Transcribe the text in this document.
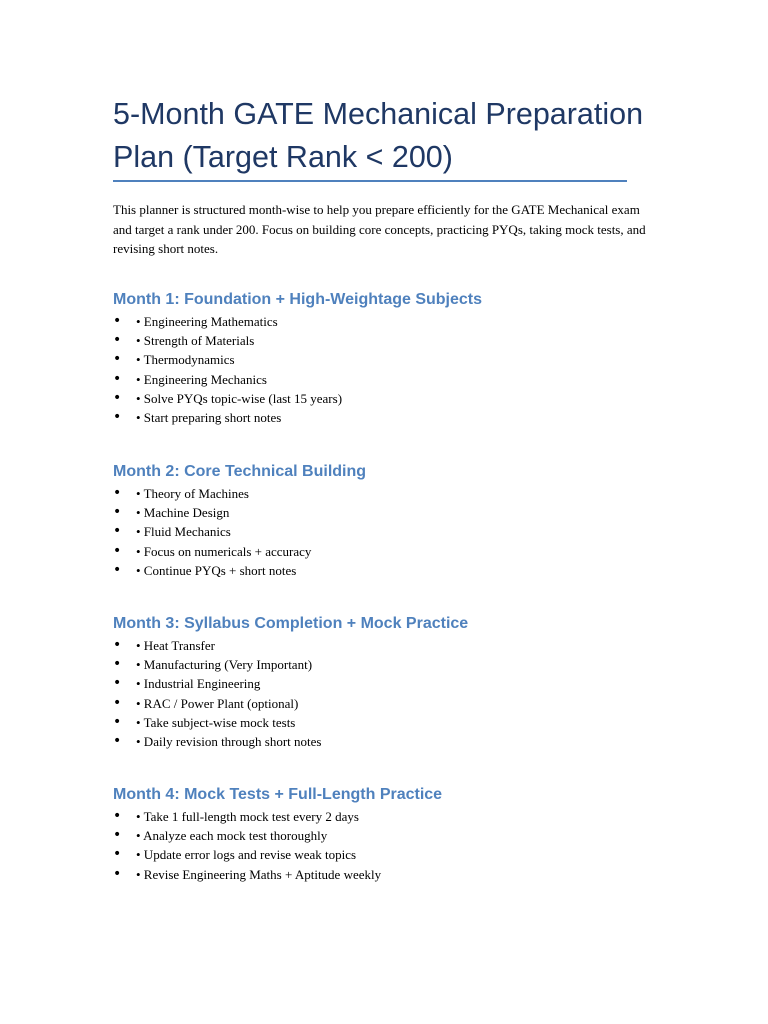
5-Month GATE Mechanical Preparation Plan (Target Rank < 200)

This planner is structured month-wise to help you prepare efficiently for the GATE Mechanical exam and target a rank under 200. Focus on building core concepts, practicing PYQs, taking mock tests, and revising short notes.

Month 1: Foundation + High-Weightage Subjects
• • Engineering Mathematics
• • Strength of Materials
• • Thermodynamics
• • Engineering Mechanics
• • Solve PYQs topic-wise (last 15 years)
• • Start preparing short notes
Month 2: Core Technical Building
• • Theory of Machines
• • Machine Design
• • Fluid Mechanics
• • Focus on numericals + accuracy
• • Continue PYQs + short notes
Month 3: Syllabus Completion + Mock Practice
• • Heat Transfer
• • Manufacturing (Very Important)
• • Industrial Engineering
• • RAC / Power Plant (optional)
• • Take subject-wise mock tests
• • Daily revision through short notes
Month 4: Mock Tests + Full-Length Practice
• • Take 1 full-length mock test every 2 days
• • Analyze each mock test thoroughly
• • Update error logs and revise weak topics
• • Revise Engineering Maths + Aptitude weekly
